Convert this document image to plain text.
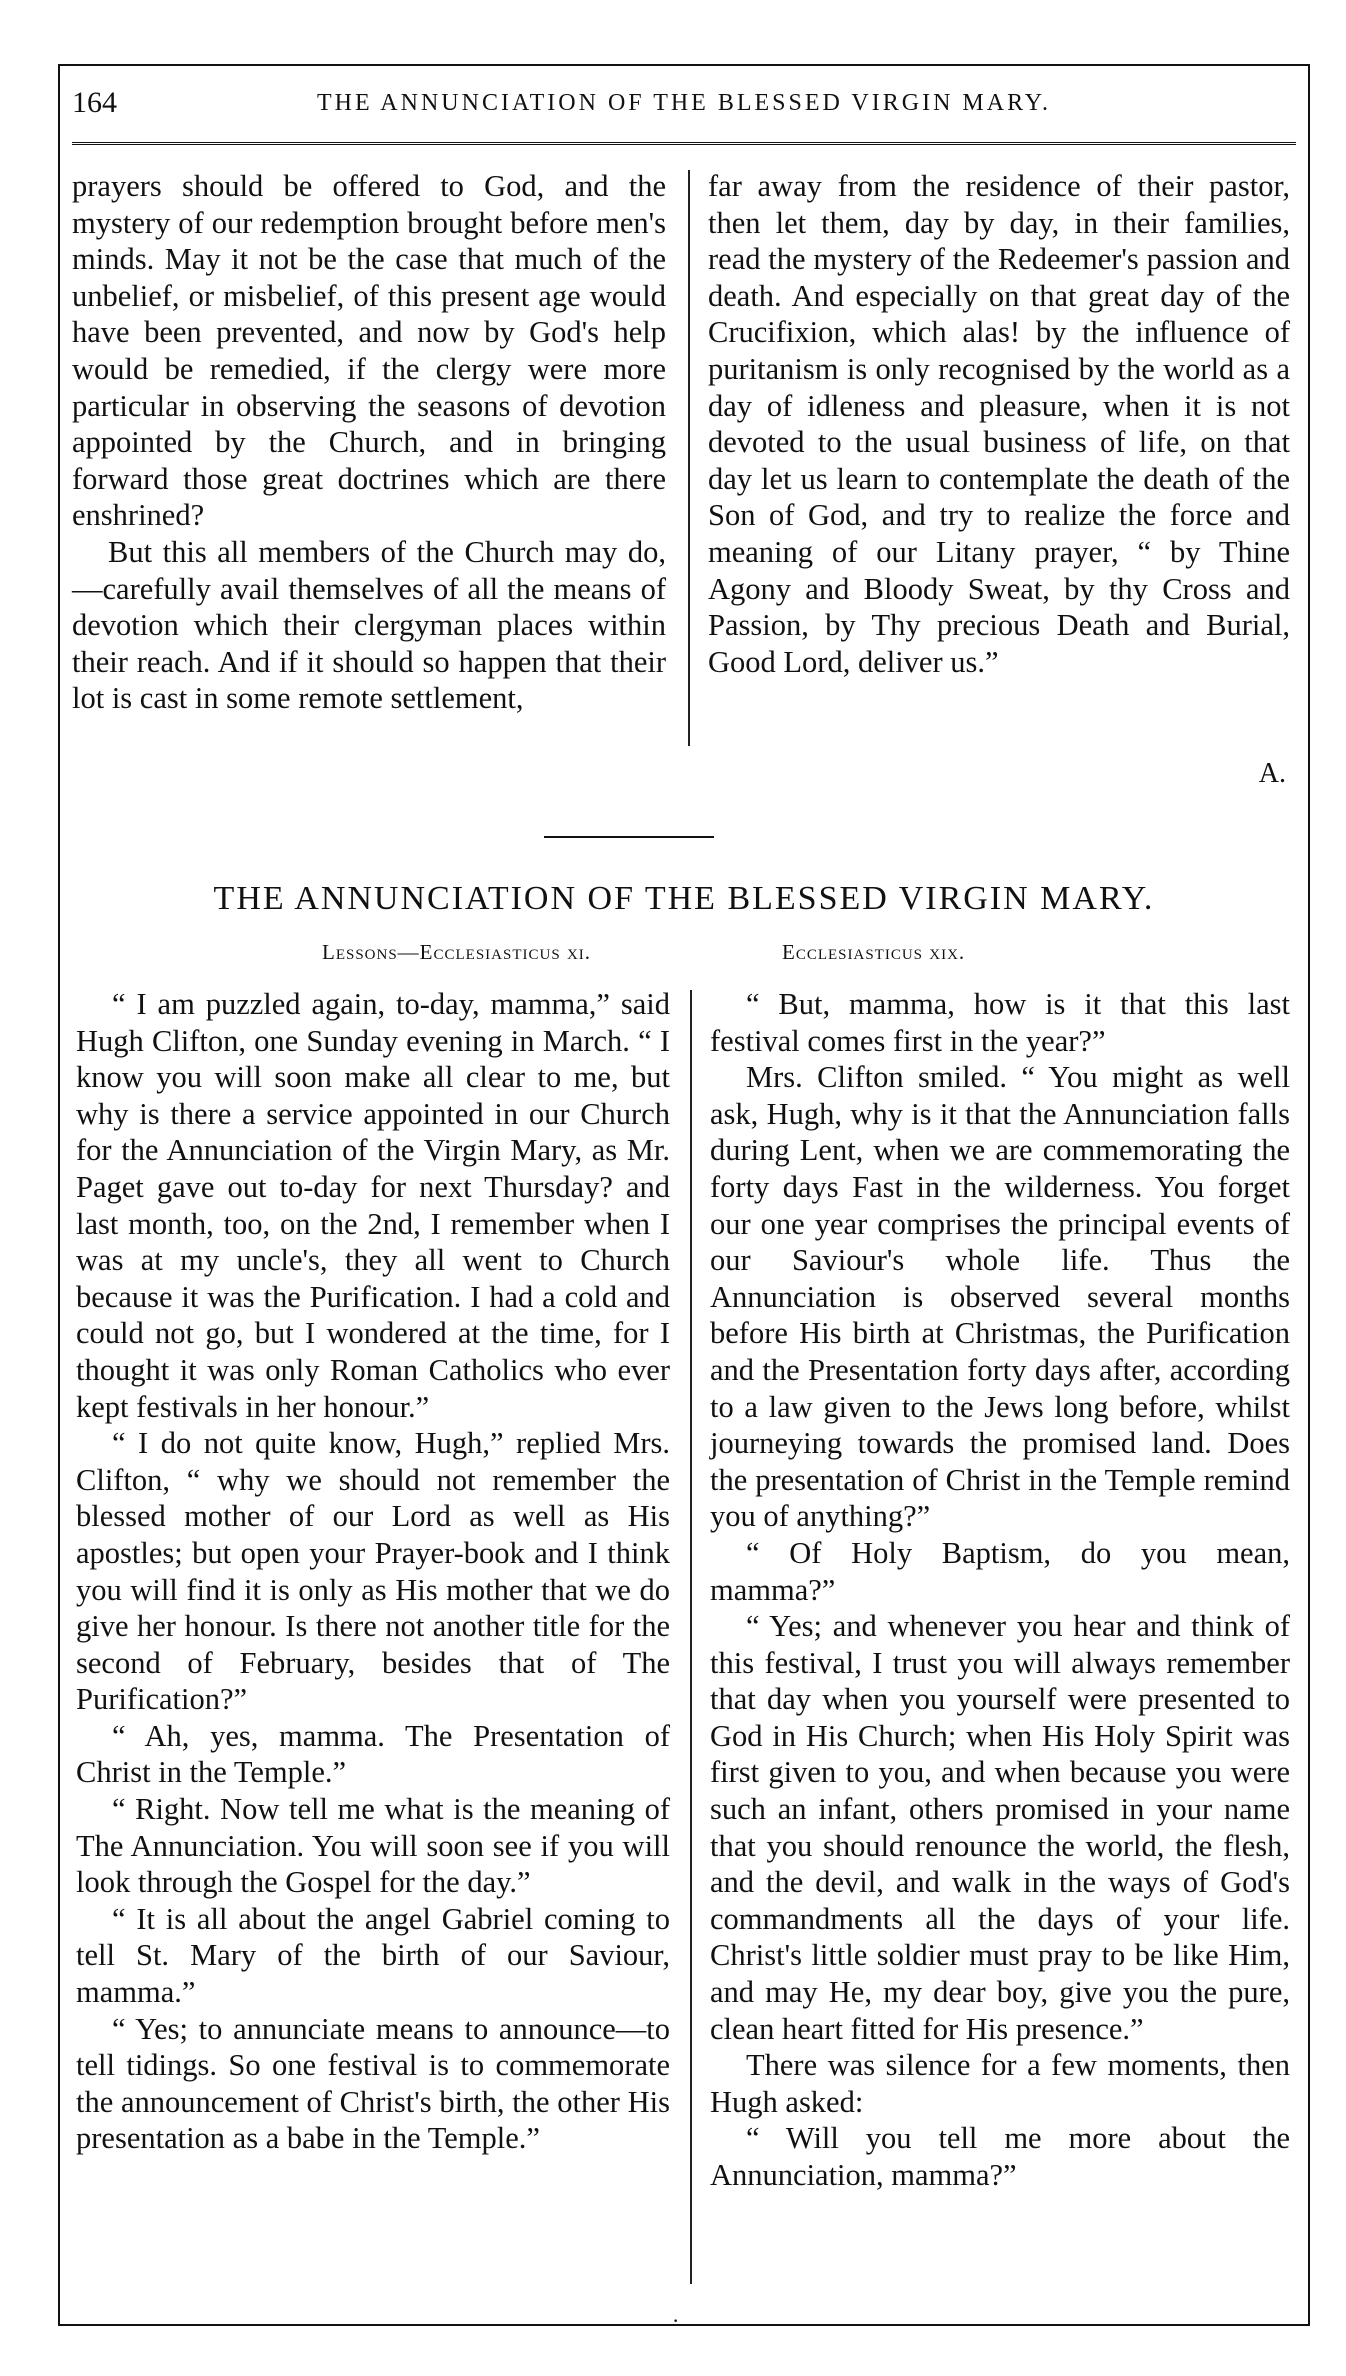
164	THE ANNUNCIATION OF THE BLESSED VIRGIN MARY.

prayers should be offered to God, and the mystery of our redemption brought before men's minds. May it not be the case that much of the unbelief, or misbelief, of this present age would have been prevented, and now by God's help would be remedied, if the clergy were more particular in observing the seasons of devotion appointed by the Church, and in bringing forward those great doctrines which are there enshrined?

But this all members of the Church may do,—carefully avail themselves of all the means of devotion which their clergyman places within their reach. And if it should so happen that their lot is cast in some remote settlement,

far away from the residence of their pastor, then let them, day by day, in their families, read the mystery of the Redeemer's passion and death. And especially on that great day of the Crucifixion, which alas! by the influence of puritanism is only recognised by the world as a day of idleness and pleasure, when it is not devoted to the usual business of life, on that day let us learn to contemplate the death of the Son of God, and try to realize the force and meaning of our Litany prayer, “ by Thine Agony and Bloody Sweat, by thy Cross and Passion, by Thy precious Death and Burial, Good Lord, deliver us.”

A.
THE ANNUNCIATION OF THE BLESSED VIRGIN MARY.
Lessons—Ecclesiasticus xi.	Ecclesiasticus xix.

“ I am puzzled again, to-day, mamma,” said Hugh Clifton, one Sunday evening in March. “ I know you will soon make all clear to me, but why is there a service appointed in our Church for the Annunciation of the Virgin Mary, as Mr. Paget gave out to-day for next Thursday? and last month, too, on the 2nd, I remember when I was at my uncle's, they all went to Church because it was the Purification. I had a cold and could not go, but I wondered at the time, for I thought it was only Roman Catholics who ever kept festivals in her honour.”

“ I do not quite know, Hugh,” replied Mrs. Clifton, “ why we should not remember the blessed mother of our Lord as well as His apostles; but open your Prayer-book and I think you will find it is only as His mother that we do give her honour. Is there not another title for the second of February, besides that of The Purification?”

“ Ah, yes, mamma. The Presentation of Christ in the Temple.”

“ Right. Now tell me what is the meaning of The Annunciation. You will soon see if you will look through the Gospel for the day.”

“ It is all about the angel Gabriel coming to tell St. Mary of the birth of our Saviour, mamma.”

“ Yes; to annunciate means to announce—to tell tidings. So one festival is to commemorate the announcement of Christ's birth, the other His presentation as a babe in the Temple.”

“ But, mamma, how is it that this last festival comes first in the year?”

Mrs. Clifton smiled. “ You might as well ask, Hugh, why is it that the Annunciation falls during Lent, when we are commemorating the forty days Fast in the wilderness. You forget our one year comprises the principal events of our Saviour's whole life. Thus the Annunciation is observed several months before His birth at Christmas, the Purification and the Presentation forty days after, according to a law given to the Jews long before, whilst journeying towards the promised land. Does the presentation of Christ in the Temple remind you of anything?”

“ Of Holy Baptism, do you mean, mamma?”

“ Yes; and whenever you hear and think of this festival, I trust you will always remember that day when you yourself were presented to God in His Church; when His Holy Spirit was first given to you, and when because you were such an infant, others promised in your name that you should renounce the world, the flesh, and the devil, and walk in the ways of God's commandments all the days of your life. Christ's little soldier must pray to be like Him, and may He, my dear boy, give you the pure, clean heart fitted for His presence.”

There was silence for a few moments, then Hugh asked:

“ Will you tell me more about the Annunciation, mamma?”

·
